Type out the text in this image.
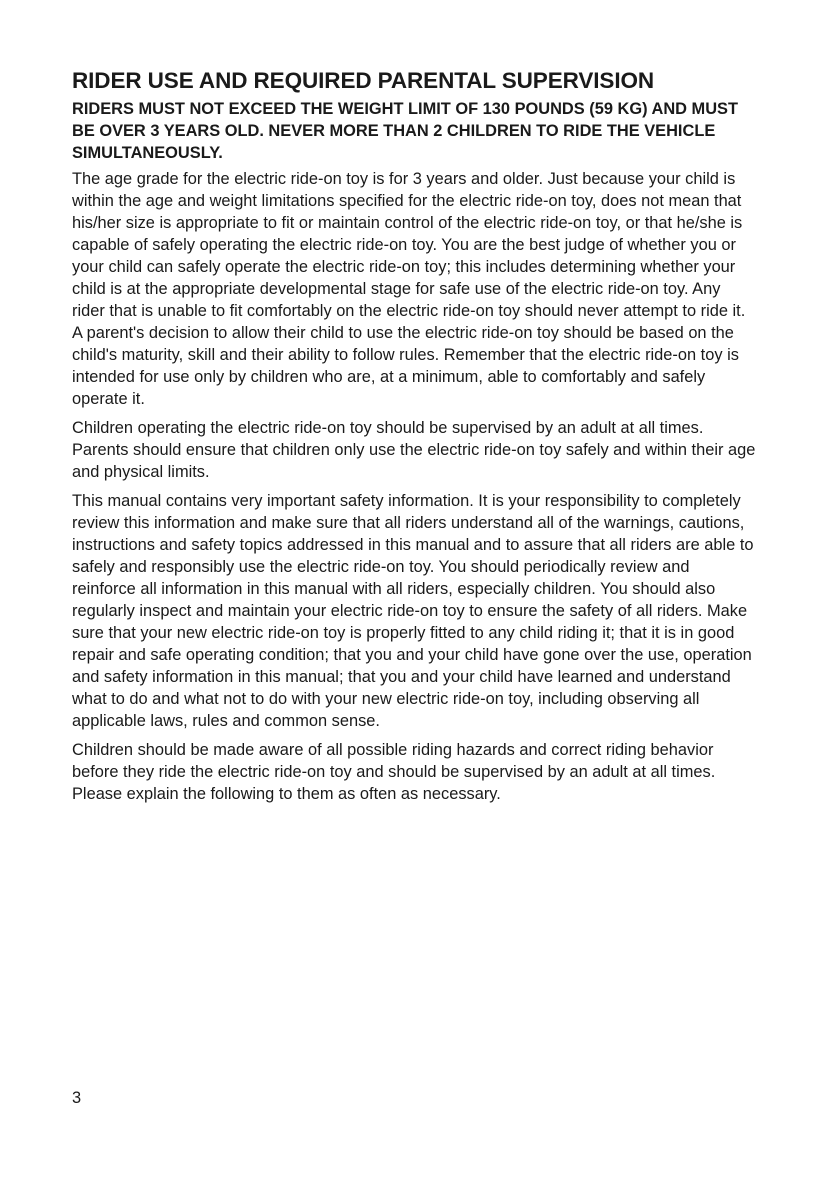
RIDER USE AND REQUIRED PARENTAL SUPERVISION

RIDERS MUST NOT EXCEED THE WEIGHT LIMIT OF 130 POUNDS (59 KG) AND MUST BE OVER 3 YEARS OLD. NEVER MORE THAN 2 CHILDREN TO RIDE THE VEHICLE SIMULTANEOUSLY.

The age grade for the electric ride-on toy is for 3 years and older. Just because your child is within the age and weight limitations specified for the electric ride-on toy, does not mean that his/her size is appropriate to fit or maintain control of the electric ride-on toy, or that he/she is capable of safely operating the electric ride-on toy. You are the best judge of whether you or your child can safely operate the electric ride-on toy; this includes determining whether your child is at the appropriate developmental stage for safe use of the electric ride-on toy. Any rider that is unable to fit comfortably on the electric ride-on toy should never attempt to ride it. A parent's decision to allow their child to use the electric ride-on toy should be based on the child's maturity, skill and their ability to follow rules. Remember that the electric ride-on toy is intended for use only by children who are, at a minimum, able to comfortably and safely operate it.

Children operating the electric ride-on toy should be supervised by an adult at all times. Parents should ensure that children only use the electric ride-on toy safely and within their age and physical limits.

This manual contains very important safety information. It is your responsibility to completely review this information and make sure that all riders understand all of the warnings, cautions, instructions and safety topics addressed in this manual and to assure that all riders are able to safely and responsibly use the electric ride-on toy. You should periodically review and reinforce all information in this manual with all riders, especially children. You should also regularly inspect and maintain your electric ride-on toy to ensure the safety of all riders. Make sure that your new electric ride-on toy is properly fitted to any child riding it; that it is in good repair and safe operating condition; that you and your child have gone over the use, operation and safety information in this manual; that you and your child have learned and understand what to do and what not to do with your new electric ride-on toy, including observing all applicable laws, rules and common sense.

Children should be made aware of all possible riding hazards and correct riding behavior before they ride the electric ride-on toy and should be supervised by an adult at all times. Please explain the following to them as often as necessary.

3
